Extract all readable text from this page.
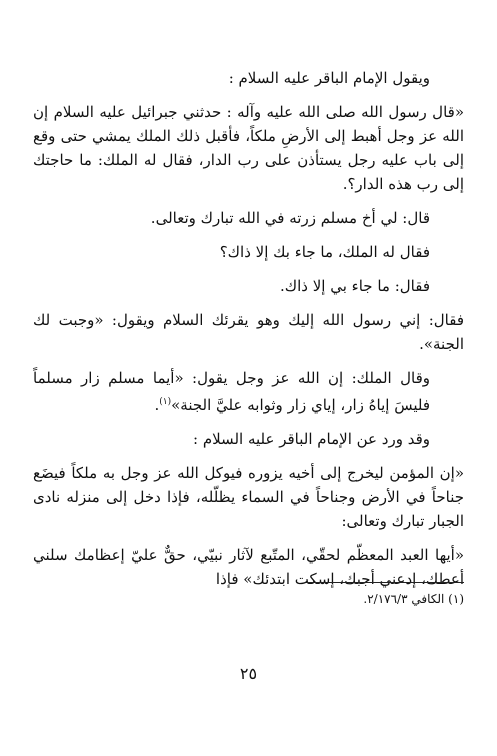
ويقول الإمام الباقر عليه السلام :

«قال رسول الله صلى الله عليه وآله : حدثني جبرائيل عليه السلام إن الله عز وجل أهبط إلى الأرضِ ملكاً، فأقبل ذلك الملك يمشي حتى وقع إلى باب عليه رجل يستأذن على رب الدار، فقال له الملك: ما حاجتك إلى رب هذه الدار؟.

قال: لي أخ مسلم زرته في الله تبارك وتعالى.

فقال له الملك، ما جاء بك إلا ذاك؟

فقال: ما جاء بي إلا ذاك.

فقال: إني رسول الله إليك وهو يقرئك السلام ويقول: «وجبت لك الجنة».

وقال الملك: إن الله عز وجل يقول: «أيما مسلم زار مسلماً فليسَ إياهُ زار، إياي زار وثوابه عليَّ الجنة»$^{(١)}$.

وقد ورد عن الإمام الباقر عليه السلام :

«إن المؤمن ليخرج إلى أخيه يزوره فيوكل الله عز وجل به ملكاً فيضَع جناحاً في الأرض وجناحاً في السماء يظلّله، فإذا دخل إلى منزله نادى الجبار تبارك وتعالى:

«أيها العبد المعظّم لحقّي، المتّبع لآثار نبيّي، حقٌّ عليّ إعظامك سلني أعطك، إدعني أجبك، إسكت ابتدئك» فإذا

(١) الكافي ٢/١٧٦/٣.
٢٥
